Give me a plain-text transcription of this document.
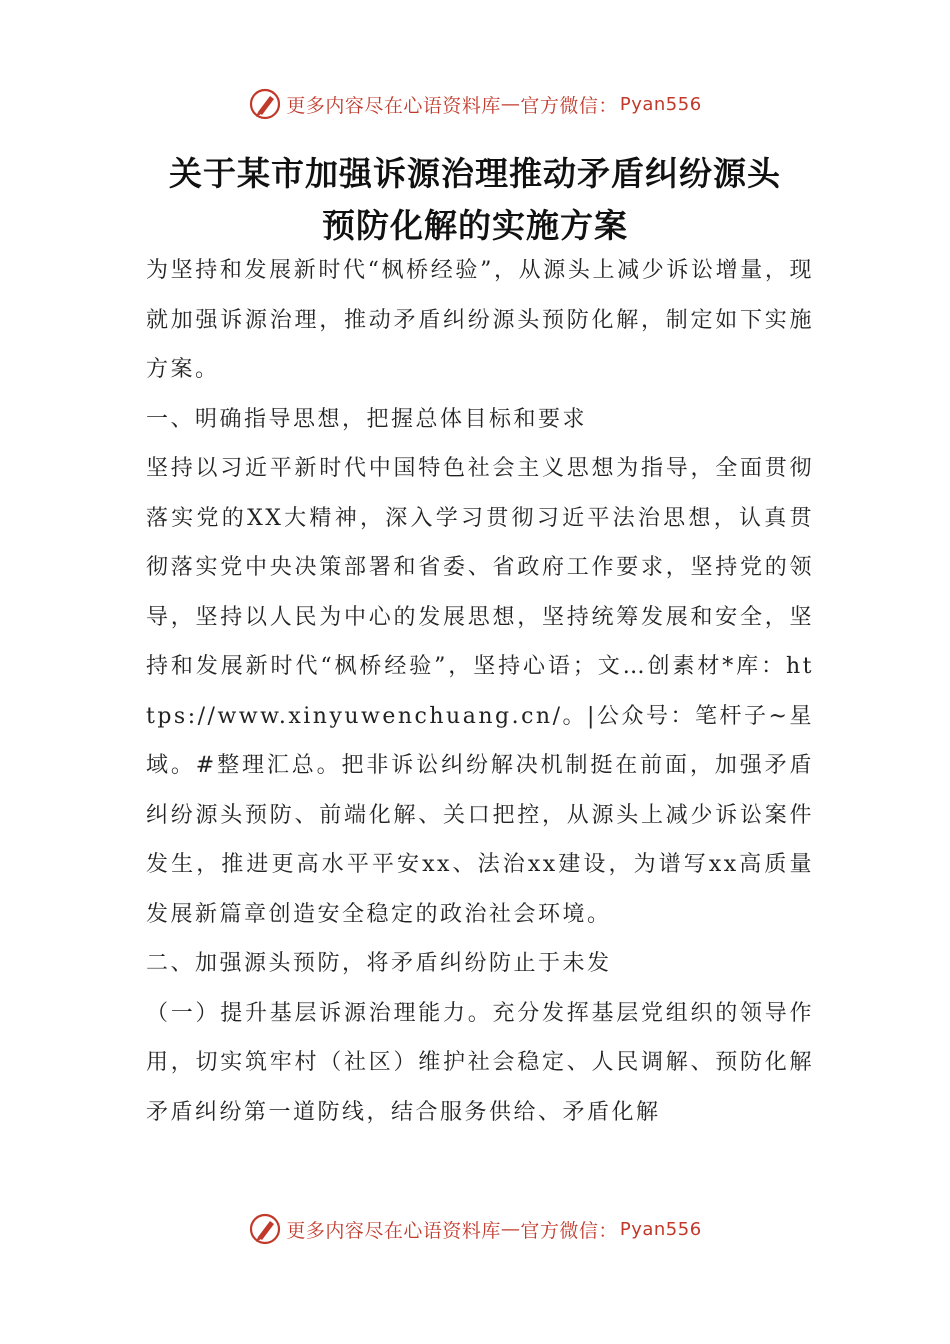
更多内容尽在心语资料库 — 官方微信： Pyan556
关于某市加强诉源治理推动矛盾纠纷源头
预防化解的实施方案

为坚持和发展新时代“枫桥经验”，从源头上减少诉讼增量，现就加强诉源治理，推动矛盾纠纷源头预防化解，制定如下实施方案。

一、明确指导思想，把握总体目标和要求

坚持以习近平新时代中国特色社会主义思想为指导，全面贯彻落实党的XX大精神，深入学习贯彻习近平法治思想，认真贯彻落实党中央决策部署和省委、省政府工作要求，坚持党的领导，坚持以人民为中心的发展思想，坚持统筹发展和安全，坚持和发展新时代“枫桥经验”，坚持心语；文…创素材*库：https://www.xinyuwenchuang.cn/。|公众号：笔杆子~星域。#整理汇总。把非诉讼纠纷解决机制挺在前面，加强矛盾纠纷源头预防、前端化解、关口把控，从源头上减少诉讼案件发生，推进更高水平平安xx、法治xx建设，为谱写xx高质量发展新篇章创造安全稳定的政治社会环境。

二、加强源头预防，将矛盾纠纷防止于未发

（一）提升基层诉源治理能力。充分发挥基层党组织的领导作用，切实筑牢村（社区）维护社会稳定、人民调解、预防化解矛盾纠纷第一道防线，结合服务供给、矛盾化解

更多内容尽在心语资料库 — 官方微信： Pyan556
